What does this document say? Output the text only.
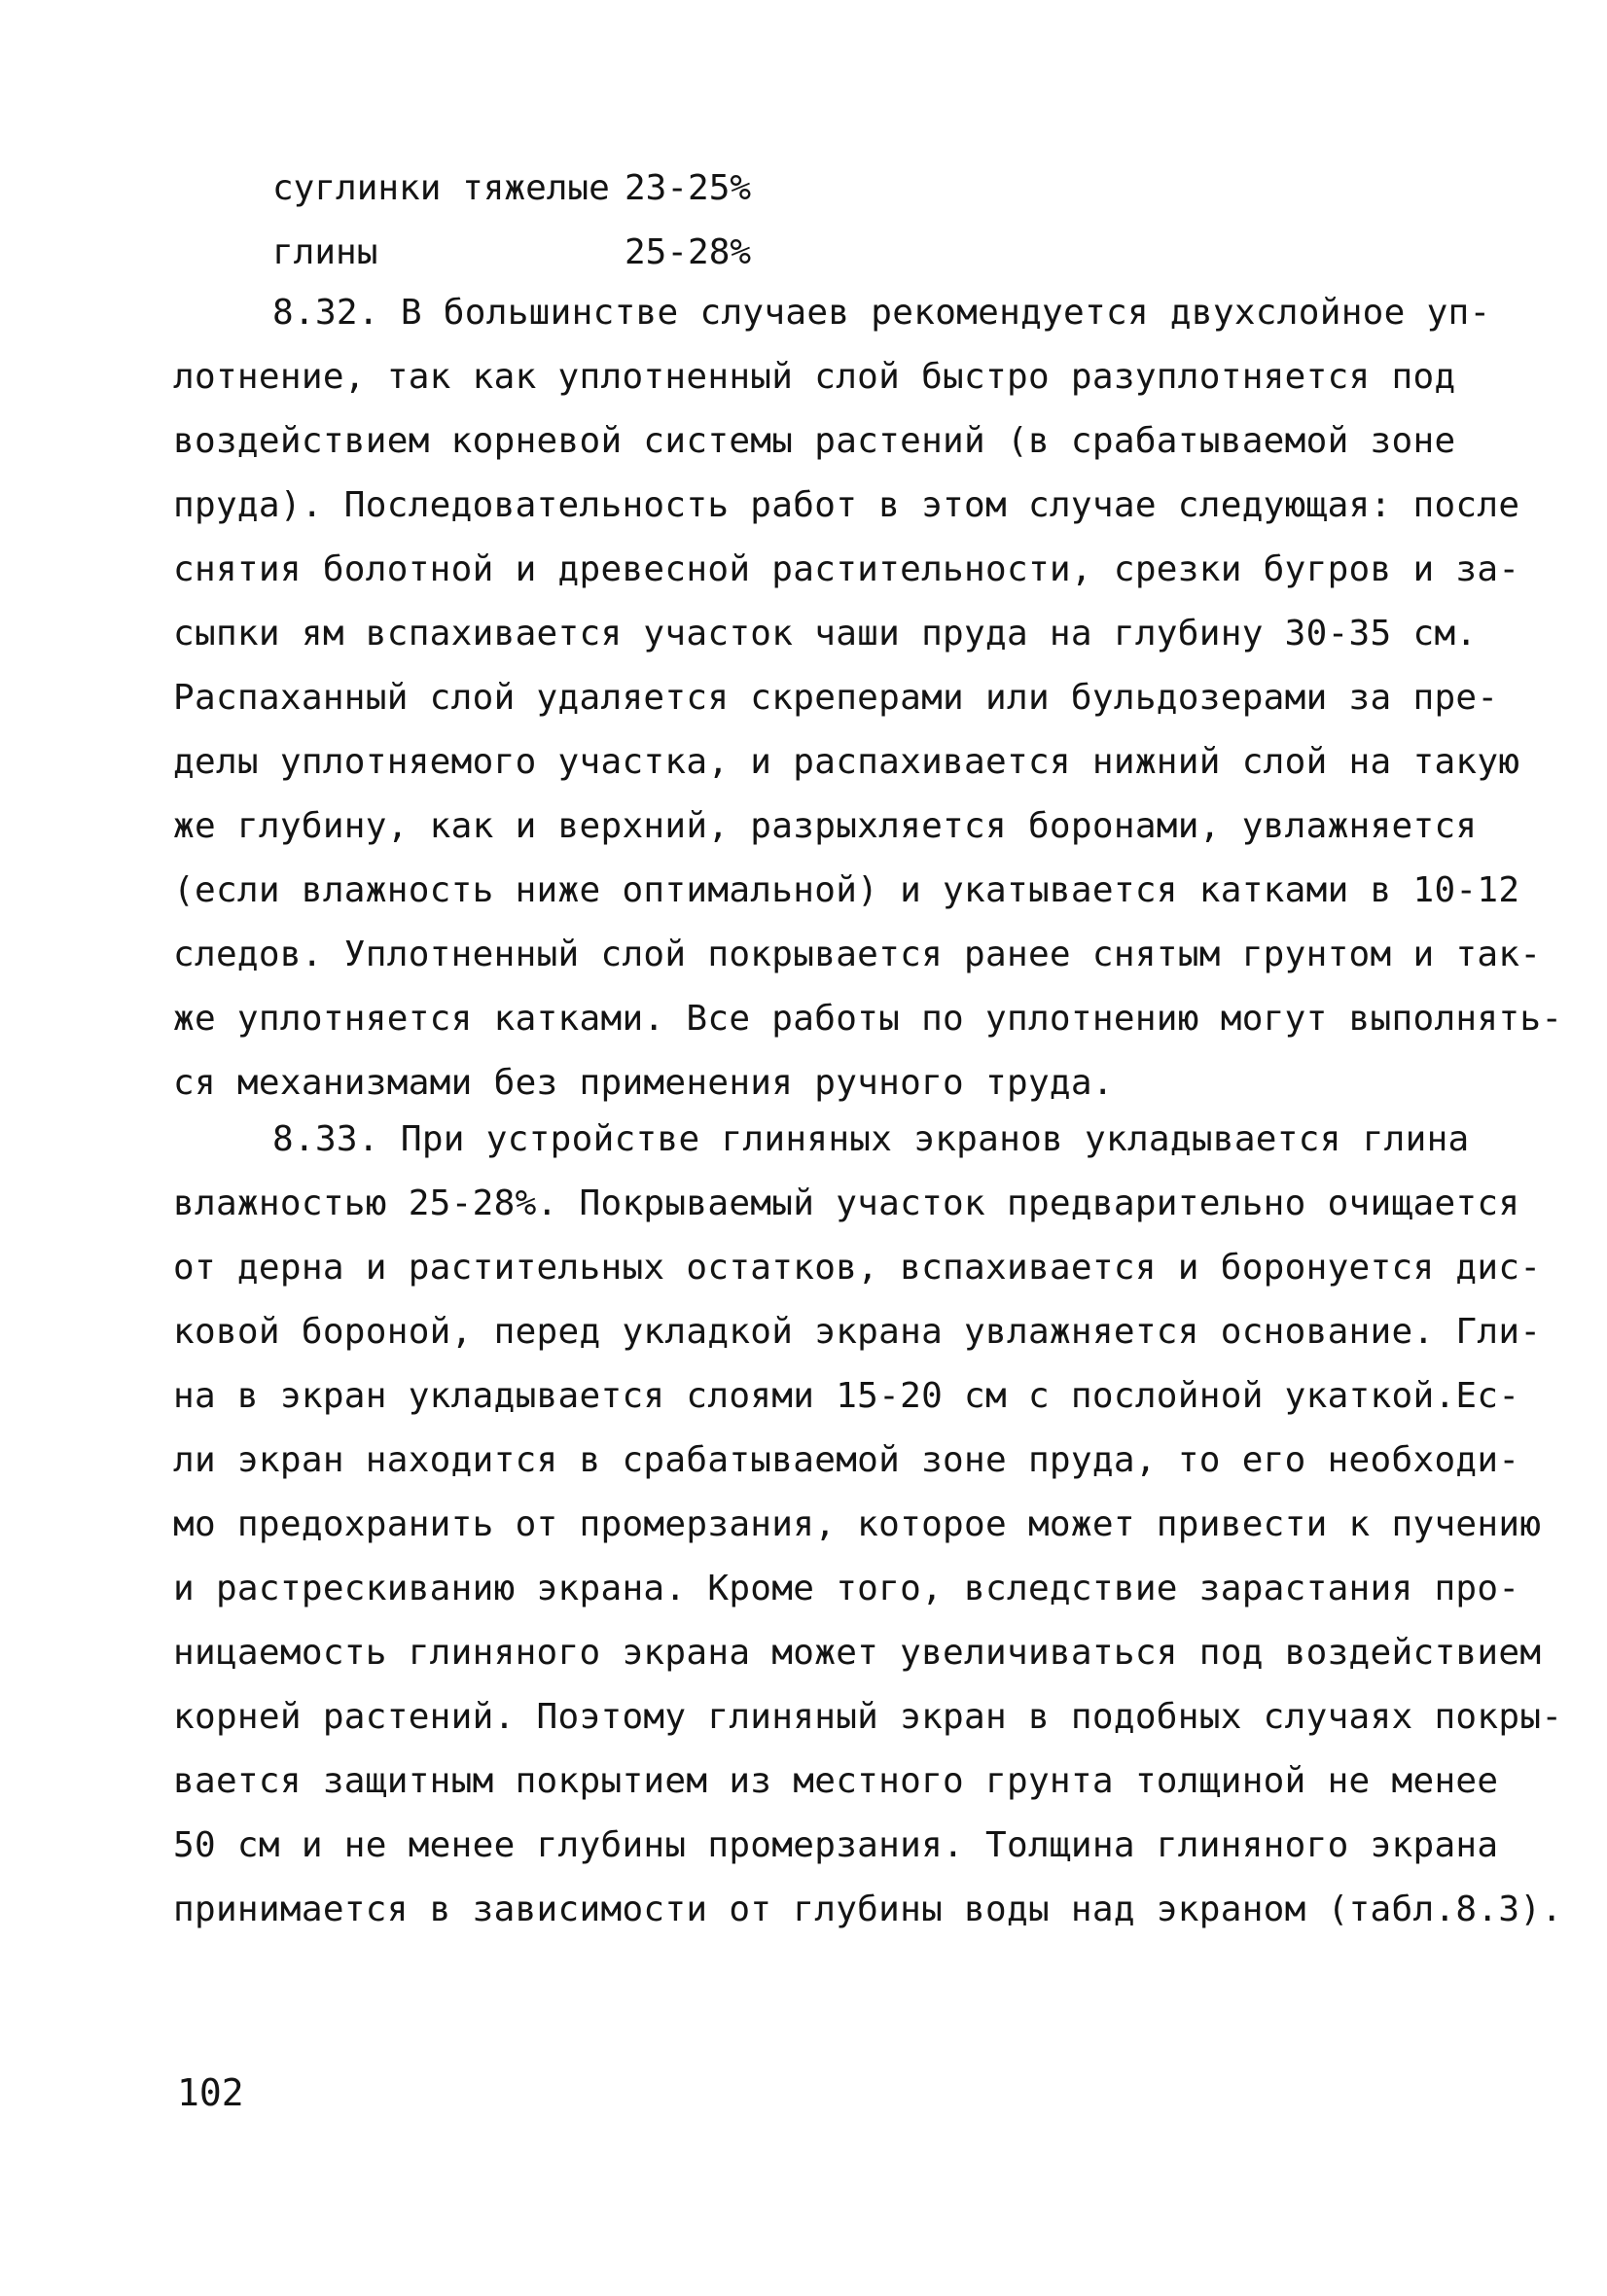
суглинки тяжелые 23-25%
глины	25-28%

8.32. В большинстве случаев рекомендуется двухслойное уп-

лотнение, так как уплотненный слой быстро разуплотняется под

воздействием корневой системы растений (в срабатываемой зоне

пруда). Последовательность работ в этом случае следующая: после

снятия болотной и древесной растительности, срезки бугров и за-

сыпки ям вспахивается участок чаши пруда на глубину 30-35 см.

Распаханный слой удаляется скреперами или бульдозерами за пре-

делы уплотняемого участка, и распахивается нижний слой на такую

же глубину, как и верхний, разрыхляется боронами, увлажняется

(если влажность ниже оптимальной) и укатывается катками в 10-12

следов. Уплотненный слой покрывается ранее снятым грунтом и так-

же уплотняется катками. Все работы по уплотнению могут выполнять-

ся механизмами без применения ручного труда.

8.33. При устройстве глиняных экранов укладывается глина

влажностью 25-28%. Покрываемый участок предварительно очищается

от дерна и растительных остатков, вспахивается и боронуется дис-

ковой бороной, перед укладкой экрана увлажняется основание. Гли-

на в экран укладывается слоями 15-20 см с послойной укаткой.Ес-

ли экран находится в срабатываемой зоне пруда, то его необходи-

мо предохранить от промерзания, которое может привести к пучению

и растрескиванию экрана. Кроме того, вследствие зарастания про-

ницаемость глиняного экрана может увеличиваться под воздействием

корней растений. Поэтому глиняный экран в подобных случаях покры-

вается защитным покрытием из местного грунта толщиной не менее

50 см и не менее глубины промерзания. Толщина глиняного экрана

принимается в зависимости от глубины воды над экраном (табл.8.3).

102
